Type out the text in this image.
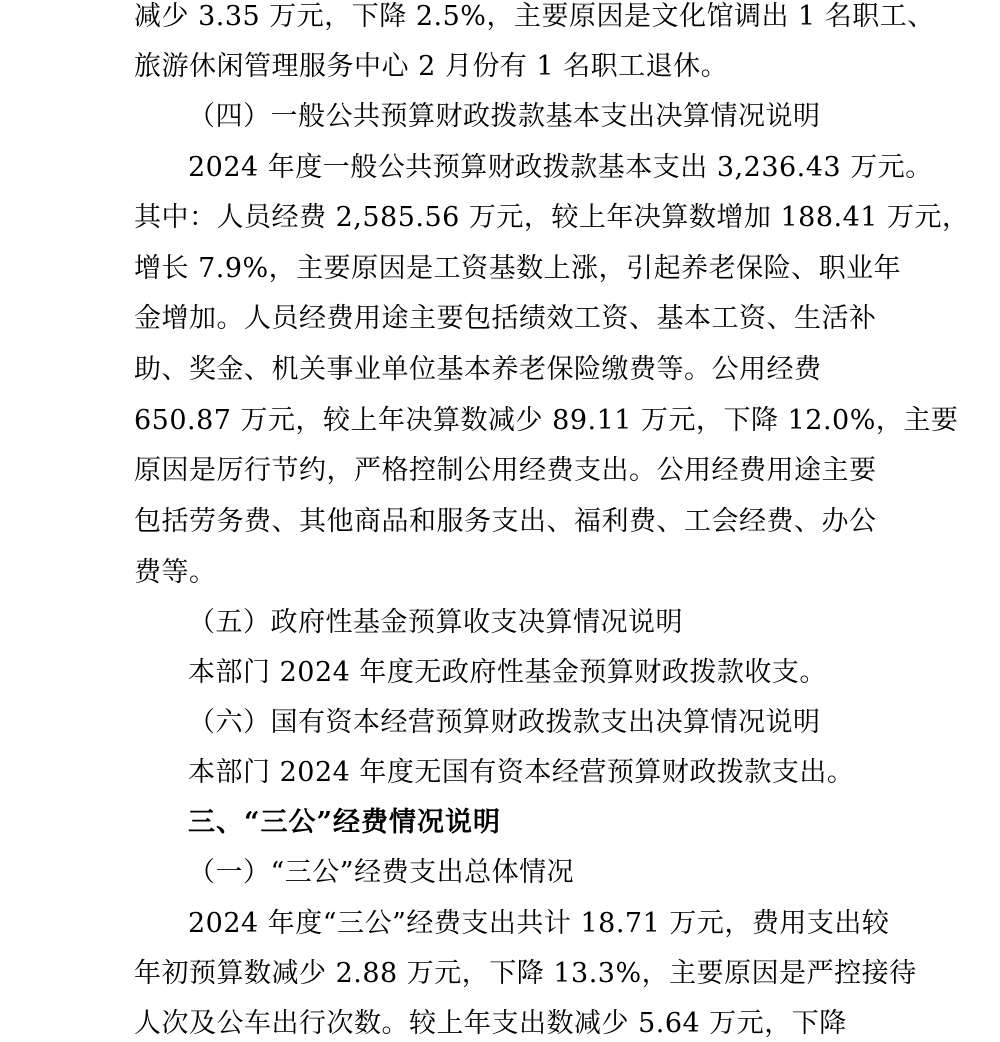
减少 3.35 万元，下降 2.5%，主要原因是文化馆调出 1 名职工、
旅游休闲管理服务中心 2 月份有 1 名职工退休。
（四）一般公共预算财政拨款基本支出决算情况说明
2024 年度一般公共预算财政拨款基本支出 3,236.43 万元。
其中：人员经费 2,585.56 万元，较上年决算数增加 188.41 万元，
增长 7.9%，主要原因是工资基数上涨，引起养老保险、职业年
金增加。人员经费用途主要包括绩效工资、基本工资、生活补
助、奖金、机关事业单位基本养老保险缴费等。公用经费
650.87 万元，较上年决算数减少 89.11 万元，下降 12.0%，主要
原因是厉行节约，严格控制公用经费支出。公用经费用途主要
包括劳务费、其他商品和服务支出、福利费、工会经费、办公
费等。
（五）政府性基金预算收支决算情况说明
本部门 2024 年度无政府性基金预算财政拨款收支。
（六）国有资本经营预算财政拨款支出决算情况说明
本部门 2024 年度无国有资本经营预算财政拨款支出。
三、“三公”经费情况说明
（一）“三公”经费支出总体情况
2024 年度“三公”经费支出共计 18.71 万元，费用支出较
年初预算数减少 2.88 万元，下降 13.3%，主要原因是严控接待
人次及公车出行次数。较上年支出数减少 5.64 万元，下降
